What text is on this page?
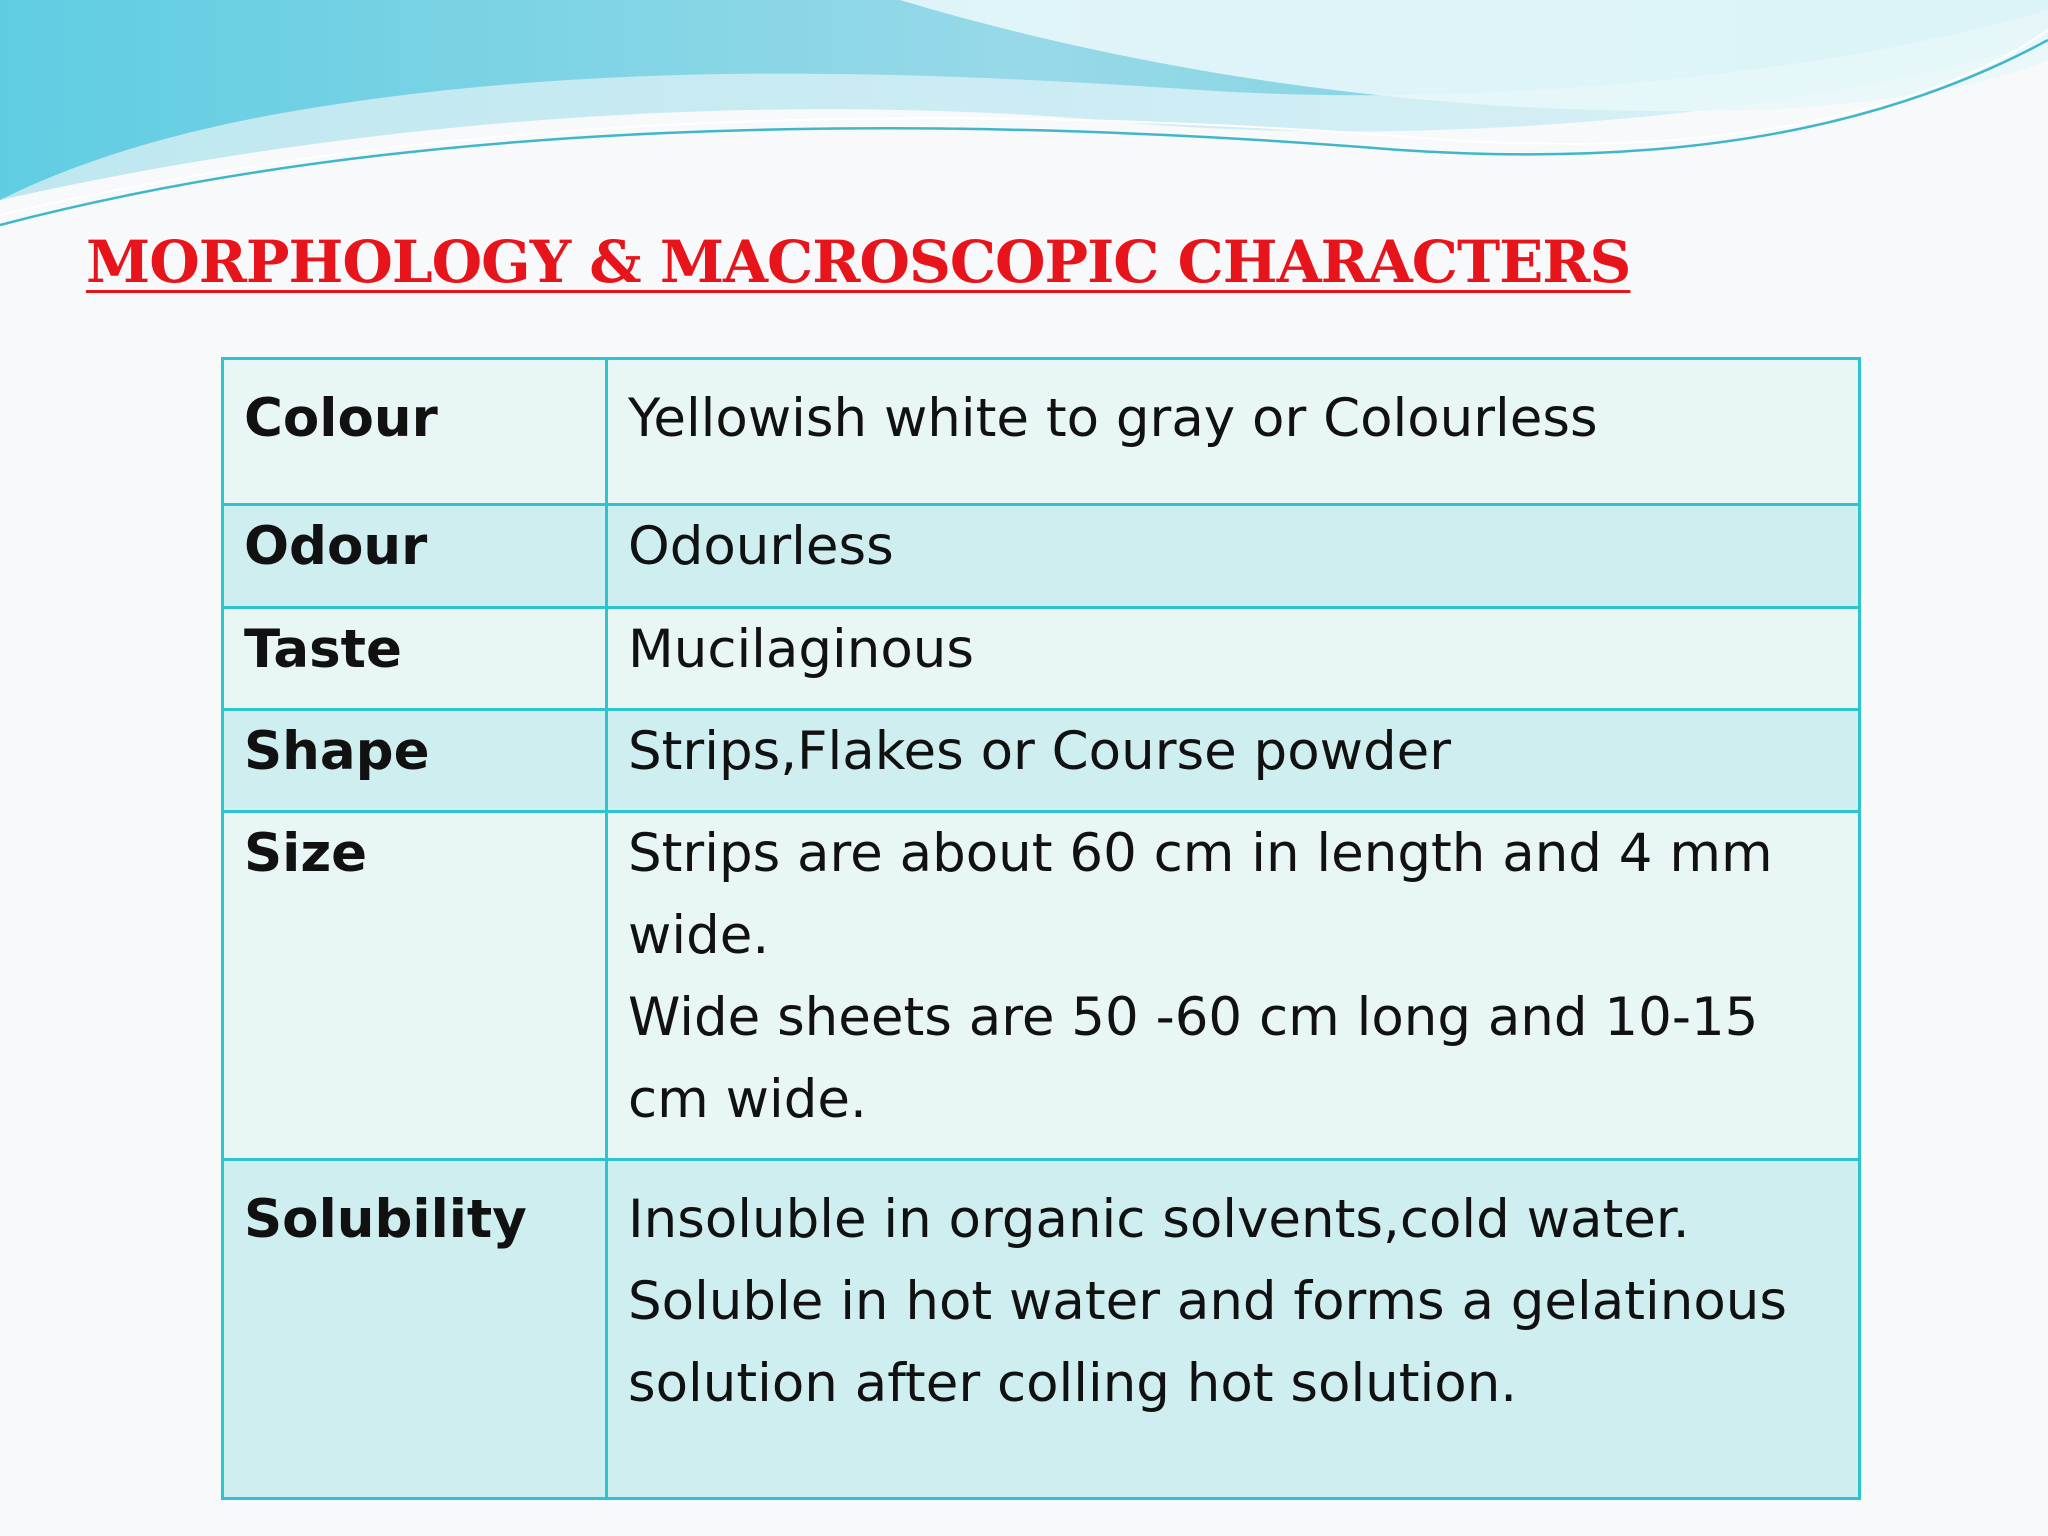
MORPHOLOGY & MACROSCOPIC CHARACTERS
Colour	Yellowish white to gray or Colourless

Odour	Odourless

Taste	Mucilaginous

Shape	Strips,Flakes or Course powder

Size	Strips are about 60 cm in length and 4 mm wide.
Wide sheets are 50 -60 cm long and 10-15 cm wide.

Solubility	Insoluble in organic solvents,cold water.
Soluble in hot water and forms a gelatinous solution after colling hot solution.
